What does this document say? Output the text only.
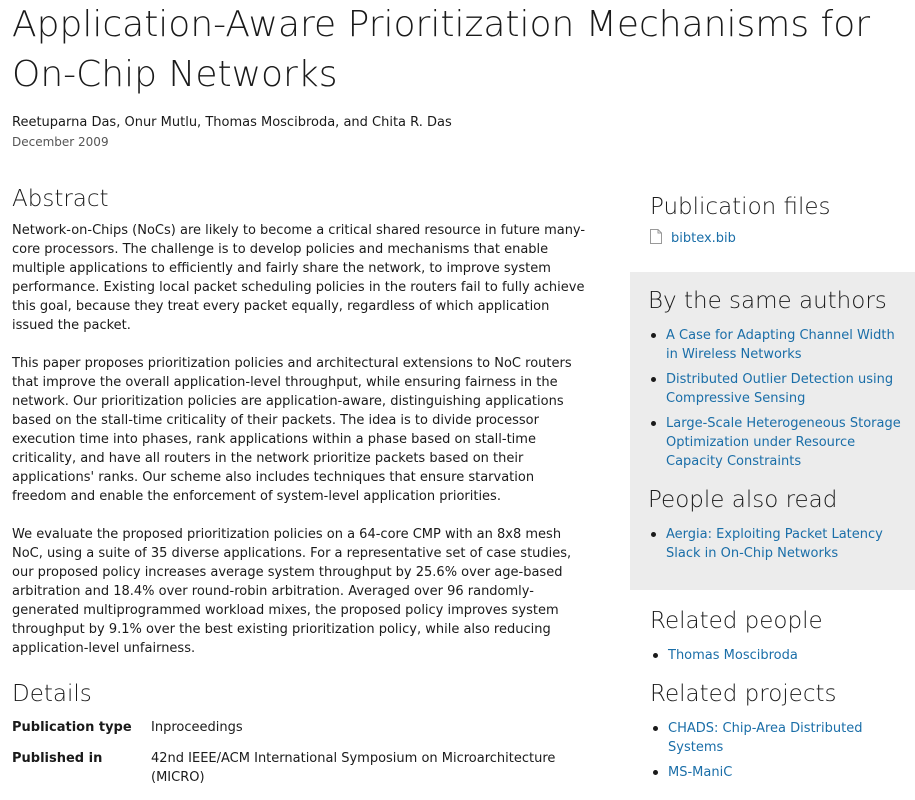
Application-Aware Prioritization Mechanisms for On-Chip Networks
Reetuparna Das, Onur Mutlu, Thomas Moscibroda, and Chita R. Das
December 2009
Abstract

Network-on-Chips (NoCs) are likely to become a critical shared resource in future many-core processors. The challenge is to develop policies and mechanisms that enable multiple applications to efficiently and fairly share the network, to improve system performance. Existing local packet scheduling policies in the routers fail to fully achieve this goal, because they treat every packet equally, regardless of which application issued the packet.

This paper proposes prioritization policies and architectural extensions to NoC routers that improve the overall application-level throughput, while ensuring fairness in the network. Our prioritization policies are application-aware, distinguishing applications based on the stall-time criticality of their packets. The idea is to divide processor execution time into phases, rank applications within a phase based on stall-time criticality, and have all routers in the network prioritize packets based on their applications' ranks. Our scheme also includes techniques that ensure starvation freedom and enable the enforcement of system-level application priorities.

We evaluate the proposed prioritization policies on a 64-core CMP with an 8x8 mesh NoC, using a suite of 35 diverse applications. For a representative set of case studies, our proposed policy increases average system throughput by 25.6% over age-based arbitration and 18.4% over round-robin arbitration. Averaged over 96 randomly-generated multiprogrammed workload mixes, the proposed policy improves system throughput by 9.1% over the best existing prioritization policy, while also reducing application-level unfairness.

Details
Publication type	Inproceedings
Published in	42nd IEEE/ACM International Symposium on Microarchitecture (MICRO)
Publication files
bibtex.bib
By the same authors
A Case for Adapting Channel Width in Wireless Networks
Distributed Outlier Detection using Compressive Sensing
Large-Scale Heterogeneous Storage Optimization under Resource Capacity Constraints
People also read
Aergia: Exploiting Packet Latency Slack in On-Chip Networks
Related people
Thomas Moscibroda
Related projects
CHADS: Chip-Area Distributed Systems
MS-ManiC
